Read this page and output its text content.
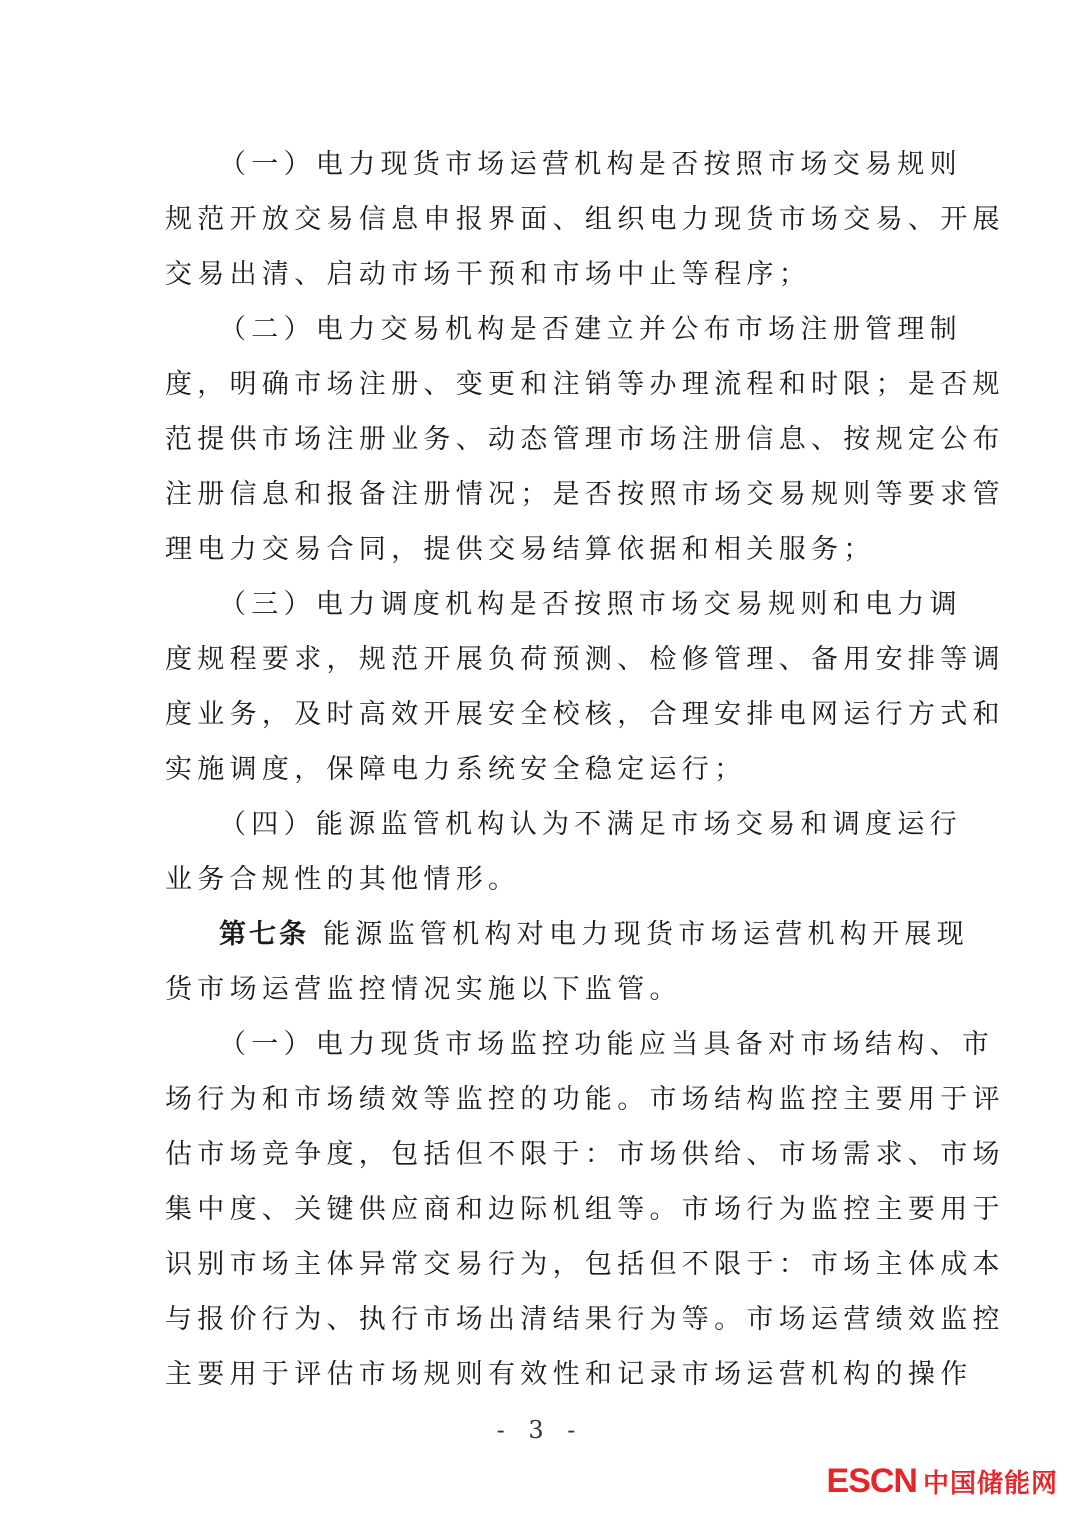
（一）电力现货市场运营机构是否按照市场交易规则
规范开放交易信息申报界面、组织电力现货市场交易、开展
交易出清、启动市场干预和市场中止等程序；
（二）电力交易机构是否建立并公布市场注册管理制
度，明确市场注册、变更和注销等办理流程和时限；是否规
范提供市场注册业务、动态管理市场注册信息、按规定公布
注册信息和报备注册情况；是否按照市场交易规则等要求管
理电力交易合同，提供交易结算依据和相关服务；
（三）电力调度机构是否按照市场交易规则和电力调
度规程要求，规范开展负荷预测、检修管理、备用安排等调
度业务，及时高效开展安全校核，合理安排电网运行方式和
实施调度，保障电力系统安全稳定运行；
（四）能源监管机构认为不满足市场交易和调度运行
业务合规性的其他情形。
第七条 能源监管机构对电力现货市场运营机构开展现
货市场运营监控情况实施以下监管。
（一）电力现货市场监控功能应当具备对市场结构、市
场行为和市场绩效等监控的功能。市场结构监控主要用于评
估市场竞争度，包括但不限于：市场供给、市场需求、市场
集中度、关键供应商和边际机组等。市场行为监控主要用于
识别市场主体异常交易行为，包括但不限于：市场主体成本
与报价行为、执行市场出清结果行为等。市场运营绩效监控
主要用于评估市场规则有效性和记录市场运营机构的操作
- 3 -
ESCN 中国储能网
